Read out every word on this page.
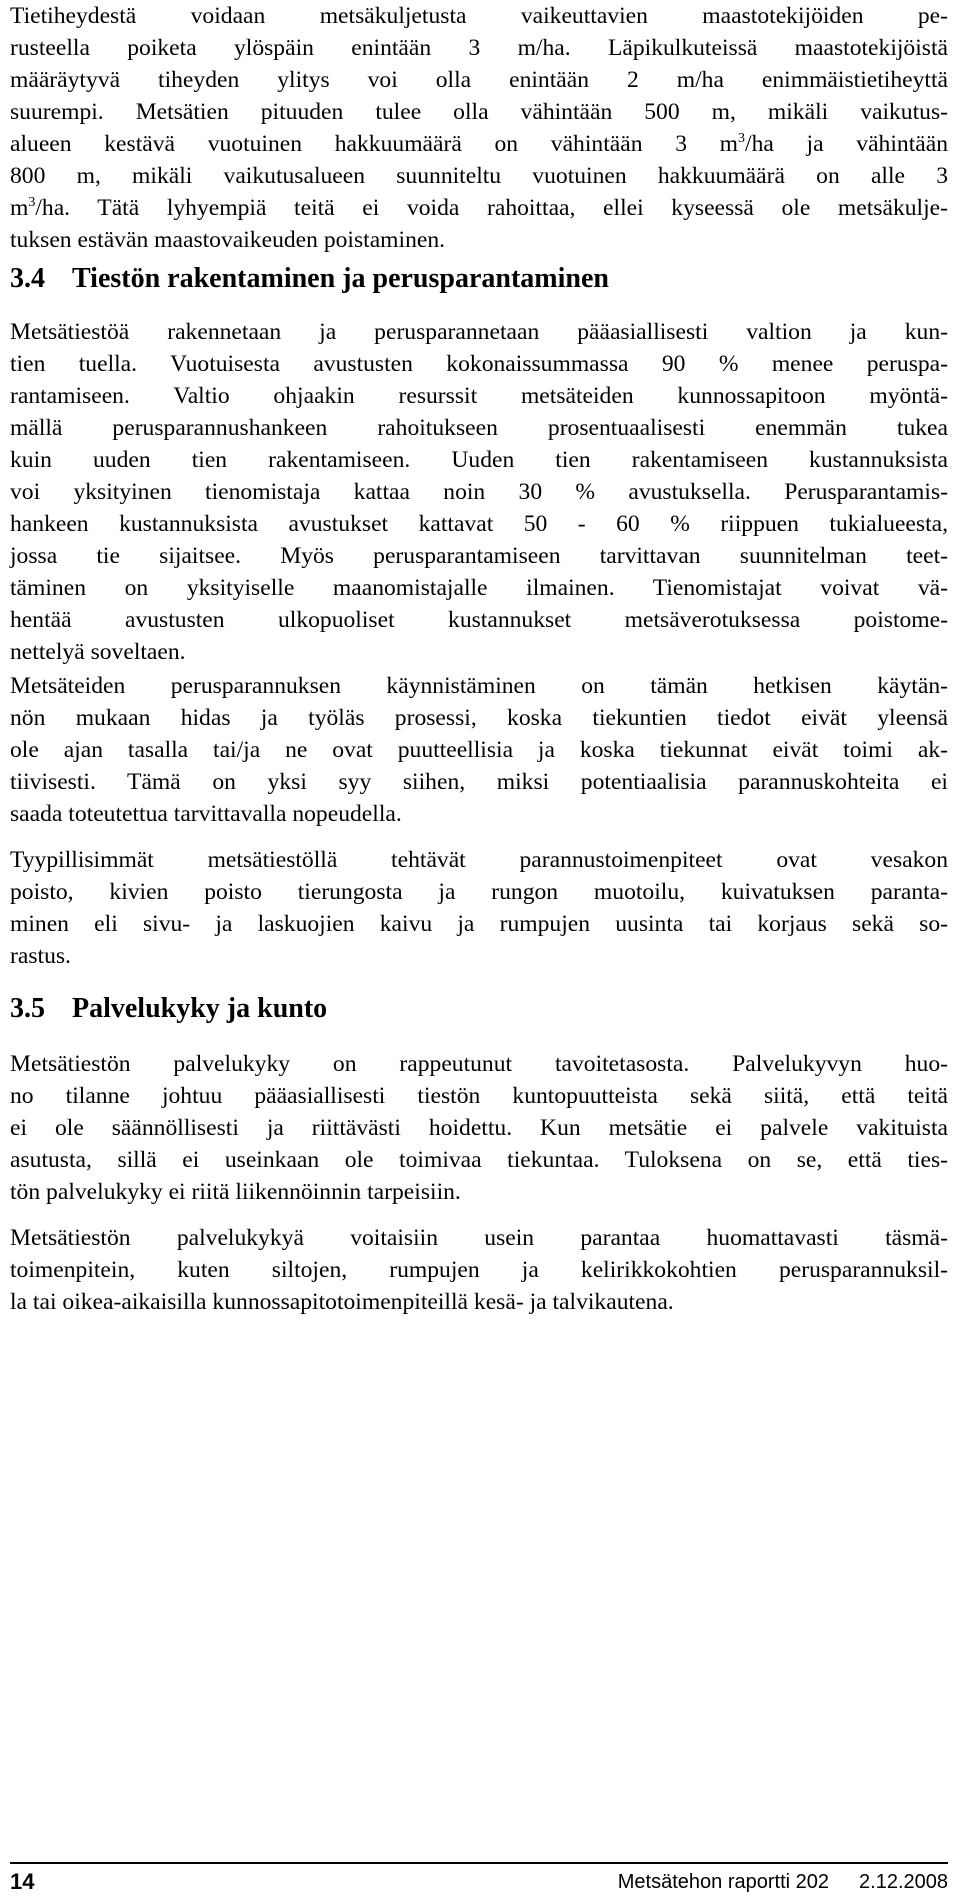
Tietiheydestä voidaan metsäkuljetusta vaikeuttavien maastotekijöiden pe-
rusteella poiketa ylöspäin enintään 3 m/ha. Läpikulkuteissä maastotekijöistä
määräytyvä tiheyden ylitys voi olla enintään 2 m/ha enimmäistietiheyttä
suurempi. Metsätien pituuden tulee olla vähintään 500 m, mikäli vaikutus-
alueen kestävä vuotuinen hakkuumäärä on vähintään 3 $m^3/ha$ ja vähintään
800 m, mikäli vaikutusalueen suunniteltu vuotuinen hakkuumäärä on alle 3
$m^3/ha$. Tätä lyhyempiä teitä ei voida rahoittaa, ellei kyseessä ole metsäkulje-
tuksen estävän maastovaikeuden poistaminen.
3.4 Tiestön rakentaminen ja perusparantaminen
Metsätiestöä rakennetaan ja perusparannetaan pääasiallisesti valtion ja kun-
tien tuella. Vuotuisesta avustusten kokonaissummassa 90 % menee peruspa-
rantamiseen. Valtio ohjaakin resurssit metsäteiden kunnossapitoon myöntä-
mällä perusparannushankeen rahoitukseen prosentuaalisesti enemmän tukea
kuin uuden tien rakentamiseen. Uuden tien rakentamiseen kustannuksista
voi yksityinen tienomistaja kattaa noin 30 % avustuksella. Perusparantamis-
hankeen kustannuksista avustukset kattavat 50 - 60 % riippuen tukialueesta,
jossa tie sijaitsee. Myös perusparantamiseen tarvittavan suunnitelman teet-
täminen on yksityiselle maanomistajalle ilmainen. Tienomistajat voivat vä-
hentää avustusten ulkopuoliset kustannukset metsäverotuksessa poistome-
nettelyä soveltaen.
Metsäteiden perusparannuksen käynnistäminen on tämän hetkisen käytän-
nön mukaan hidas ja työläs prosessi, koska tiekuntien tiedot eivät yleensä
ole ajan tasalla tai/ja ne ovat puutteellisia ja koska tiekunnat eivät toimi ak-
tiivisesti. Tämä on yksi syy siihen, miksi potentiaalisia parannuskohteita ei
saada toteutettua tarvittavalla nopeudella.
Tyypillisimmät metsätiestöllä tehtävät parannustoimenpiteet ovat vesakon
poisto, kivien poisto tierungosta ja rungon muotoilu, kuivatuksen paranta-
minen eli sivu- ja laskuojien kaivu ja rumpujen uusinta tai korjaus sekä so-
rastus.
3.5 Palvelukyky ja kunto
Metsätiestön palvelukyky on rappeutunut tavoitetasosta. Palvelukyvyn huo-
no tilanne johtuu pääasiallisesti tiestön kuntopuutteista sekä siitä, että teitä
ei ole säännöllisesti ja riittävästi hoidettu. Kun metsätie ei palvele vakituista
asutusta, sillä ei useinkaan ole toimivaa tiekuntaa. Tuloksena on se, että ties-
tön palvelukyky ei riitä liikennöinnin tarpeisiin.
Metsätiestön palvelukykyä voitaisiin usein parantaa huomattavasti täsmä-
toimenpitein, kuten siltojen, rumpujen ja kelirikkokohtien perusparannuksil-
la tai oikea-aikaisilla kunnossapitotoimenpiteillä kesä- ja talvikautena.
14	Metsätehon raportti 202 2.12.2008
